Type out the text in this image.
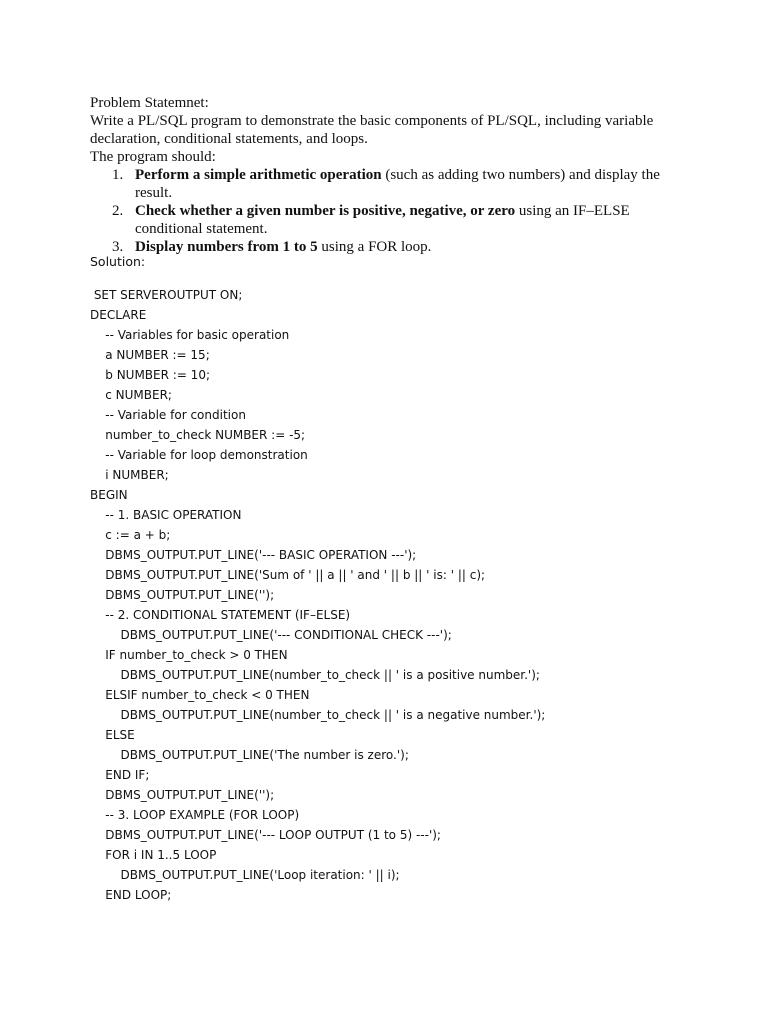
Problem Statemnet:

Write a PL/SQL program to demonstrate the basic components of PL/SQL, including variable declaration, conditional statements, and loops.

The program should:

1. Perform a simple arithmetic operation (such as adding two numbers) and display the result.
2. Check whether a given number is positive, negative, or zero using an IF–ELSE conditional statement.
3. Display numbers from 1 to 5 using a FOR loop.
Solution:
SET SERVEROUTPUT ON;
DECLARE
-- Variables for basic operation
a NUMBER := 15;
b NUMBER := 10;
c NUMBER;
-- Variable for condition
number_to_check NUMBER := -5;
-- Variable for loop demonstration
i NUMBER;
BEGIN
-- 1. BASIC OPERATION
c := a + b;
DBMS_OUTPUT.PUT_LINE('--- BASIC OPERATION ---');
DBMS_OUTPUT.PUT_LINE('Sum of ' || a || ' and ' || b || ' is: ' || c);
DBMS_OUTPUT.PUT_LINE('');
-- 2. CONDITIONAL STATEMENT (IF–ELSE)
DBMS_OUTPUT.PUT_LINE('--- CONDITIONAL CHECK ---');
IF number_to_check > 0 THEN
DBMS_OUTPUT.PUT_LINE(number_to_check || ' is a positive number.');
ELSIF number_to_check < 0 THEN
DBMS_OUTPUT.PUT_LINE(number_to_check || ' is a negative number.');
ELSE
DBMS_OUTPUT.PUT_LINE('The number is zero.');
END IF;
DBMS_OUTPUT.PUT_LINE('');
-- 3. LOOP EXAMPLE (FOR LOOP)
DBMS_OUTPUT.PUT_LINE('--- LOOP OUTPUT (1 to 5) ---');
FOR i IN 1..5 LOOP
DBMS_OUTPUT.PUT_LINE('Loop iteration: ' || i);
END LOOP;
